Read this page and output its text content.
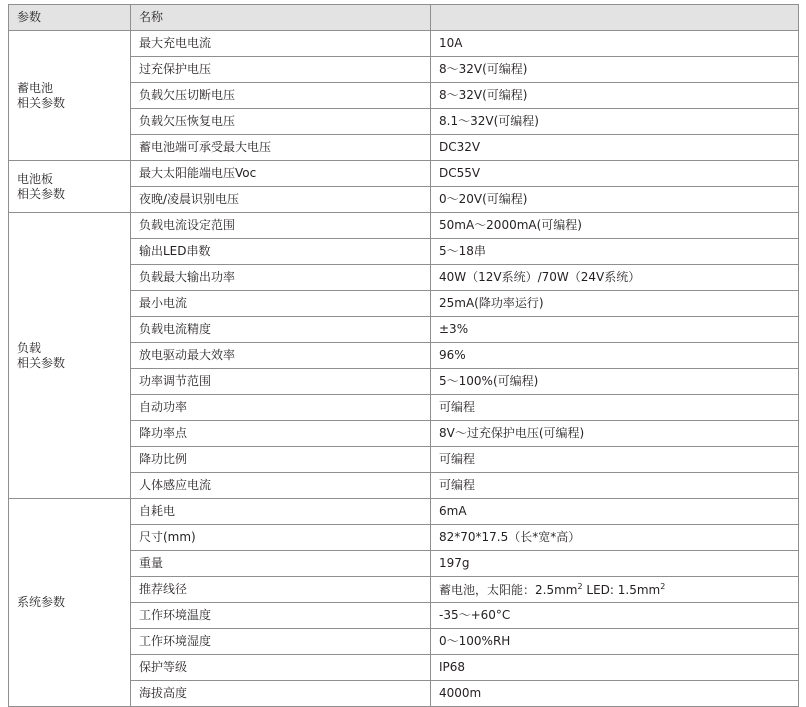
参数	名称	
蓄电池
相关参数	最大充电电流	10A
	过充保护电压	8～32V(可编程)
	负载欠压切断电压	8～32V(可编程)
	负载欠压恢复电压	8.1～32V(可编程)
	蓄电池端可承受最大电压	DC32V
电池板
相关参数	最大太阳能端电压Voc	DC55V
	夜晚/凌晨识别电压	0～20V(可编程)
负载
相关参数	负载电流设定范围	50mA～2000mA(可编程)
	输出LED串数	5～18串
	负载最大输出功率	40W（12V系统）/70W（24V系统）
	最小电流	25mA(降功率运行)
	负载电流精度	±3%
	放电驱动最大效率	96%
	功率调节范围	5～100%(可编程)
	自动功率	可编程
	降功率点	8V～过充保护电压(可编程)
	降功比例	可编程
	人体感应电流	可编程
系统参数	自耗电	6mA
	尺寸(mm)	82*70*17.5（长*宽*高）
	重量	197g
	推荐线径	蓄电池，太阳能：$2.5mm^2$ LED: $1.5mm^2$
	工作环境温度	-35～+60°C
	工作环境湿度	0～100%RH
	保护等级	IP68
	海拔高度	4000m
